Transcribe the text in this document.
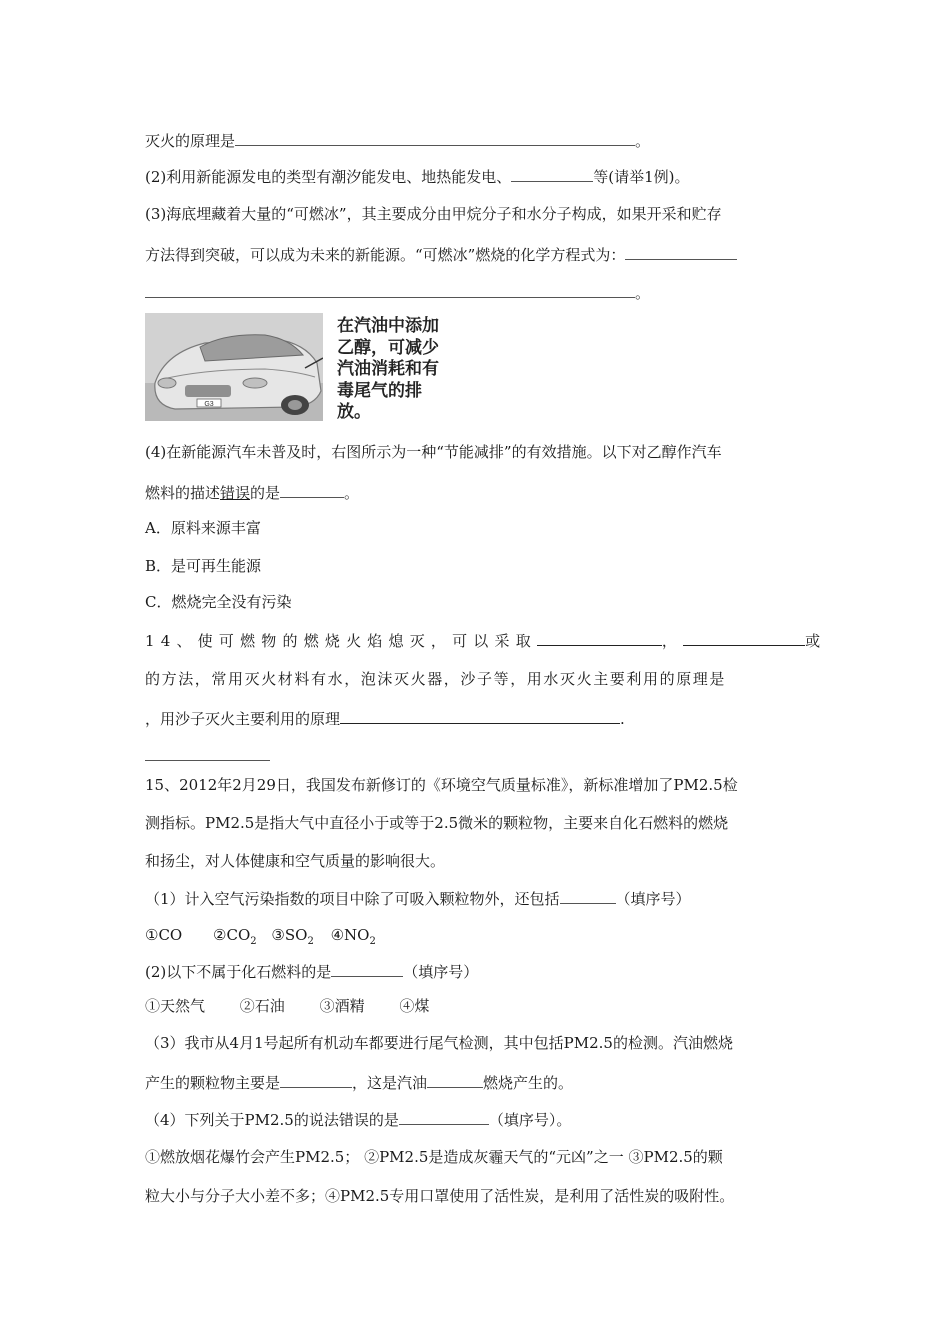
灭火的原理是	。
(2)利用新能源发电的类型有潮汐能发电、地热能发电、	等(请举1例)。
(3)海底埋藏着大量的“可燃冰”，其主要成分由甲烷分子和水分子构成，如果开采和贮存
方法得到突破，可以成为未来的新能源。“可燃冰”燃烧的化学方程式为：
。
G3
在汽油中添加乙醇，可减少汽油消耗和有毒尾气的排放。
(4)在新能源汽车未普及时，右图所示为一种“节能减排”的有效措施。以下对乙醇作汽车
燃料的描述错误的是	。
A．原料来源丰富
B．是可再生能源
C．燃烧完全没有污染
14、使可燃物的燃烧火焰熄灭，可以采取	，	或
的方法，常用灭火材料有水，泡沫灭火器，沙子等，用水灭火主要利用的原理是
，用沙子灭火主要利用的原理	.
15、2012年2月29日，我国发布新修订的《环境空气质量标准》，新标准增加了PM2.5检
测指标。PM2.5是指大气中直径小于或等于2.5微米的颗粒物，主要来自化石燃料的燃烧
和扬尘，对人体健康和空气质量的影响很大。
（1）计入空气污染指数的项目中除了可吸入颗粒物外，还包括	（填序号）
①CO $②CO_2$ $③SO_2$ $④NO_2$
(2)以下不属于化石燃料的是	（填序号）
①天然气 ②石油 ③酒精 ④煤
（3）我市从4月1号起所有机动车都要进行尾气检测，其中包括PM2.5的检测。汽油燃烧
产生的颗粒物主要是	，这是汽油	燃烧产生的。
（4）下列关于PM2.5的说法错误的是	（填序号）。
①燃放烟花爆竹会产生PM2.5； ②PM2.5是造成灰霾天气的“元凶”之一 ③PM2.5的颗
粒大小与分子大小差不多；④PM2.5专用口罩使用了活性炭，是利用了活性炭的吸附性。
